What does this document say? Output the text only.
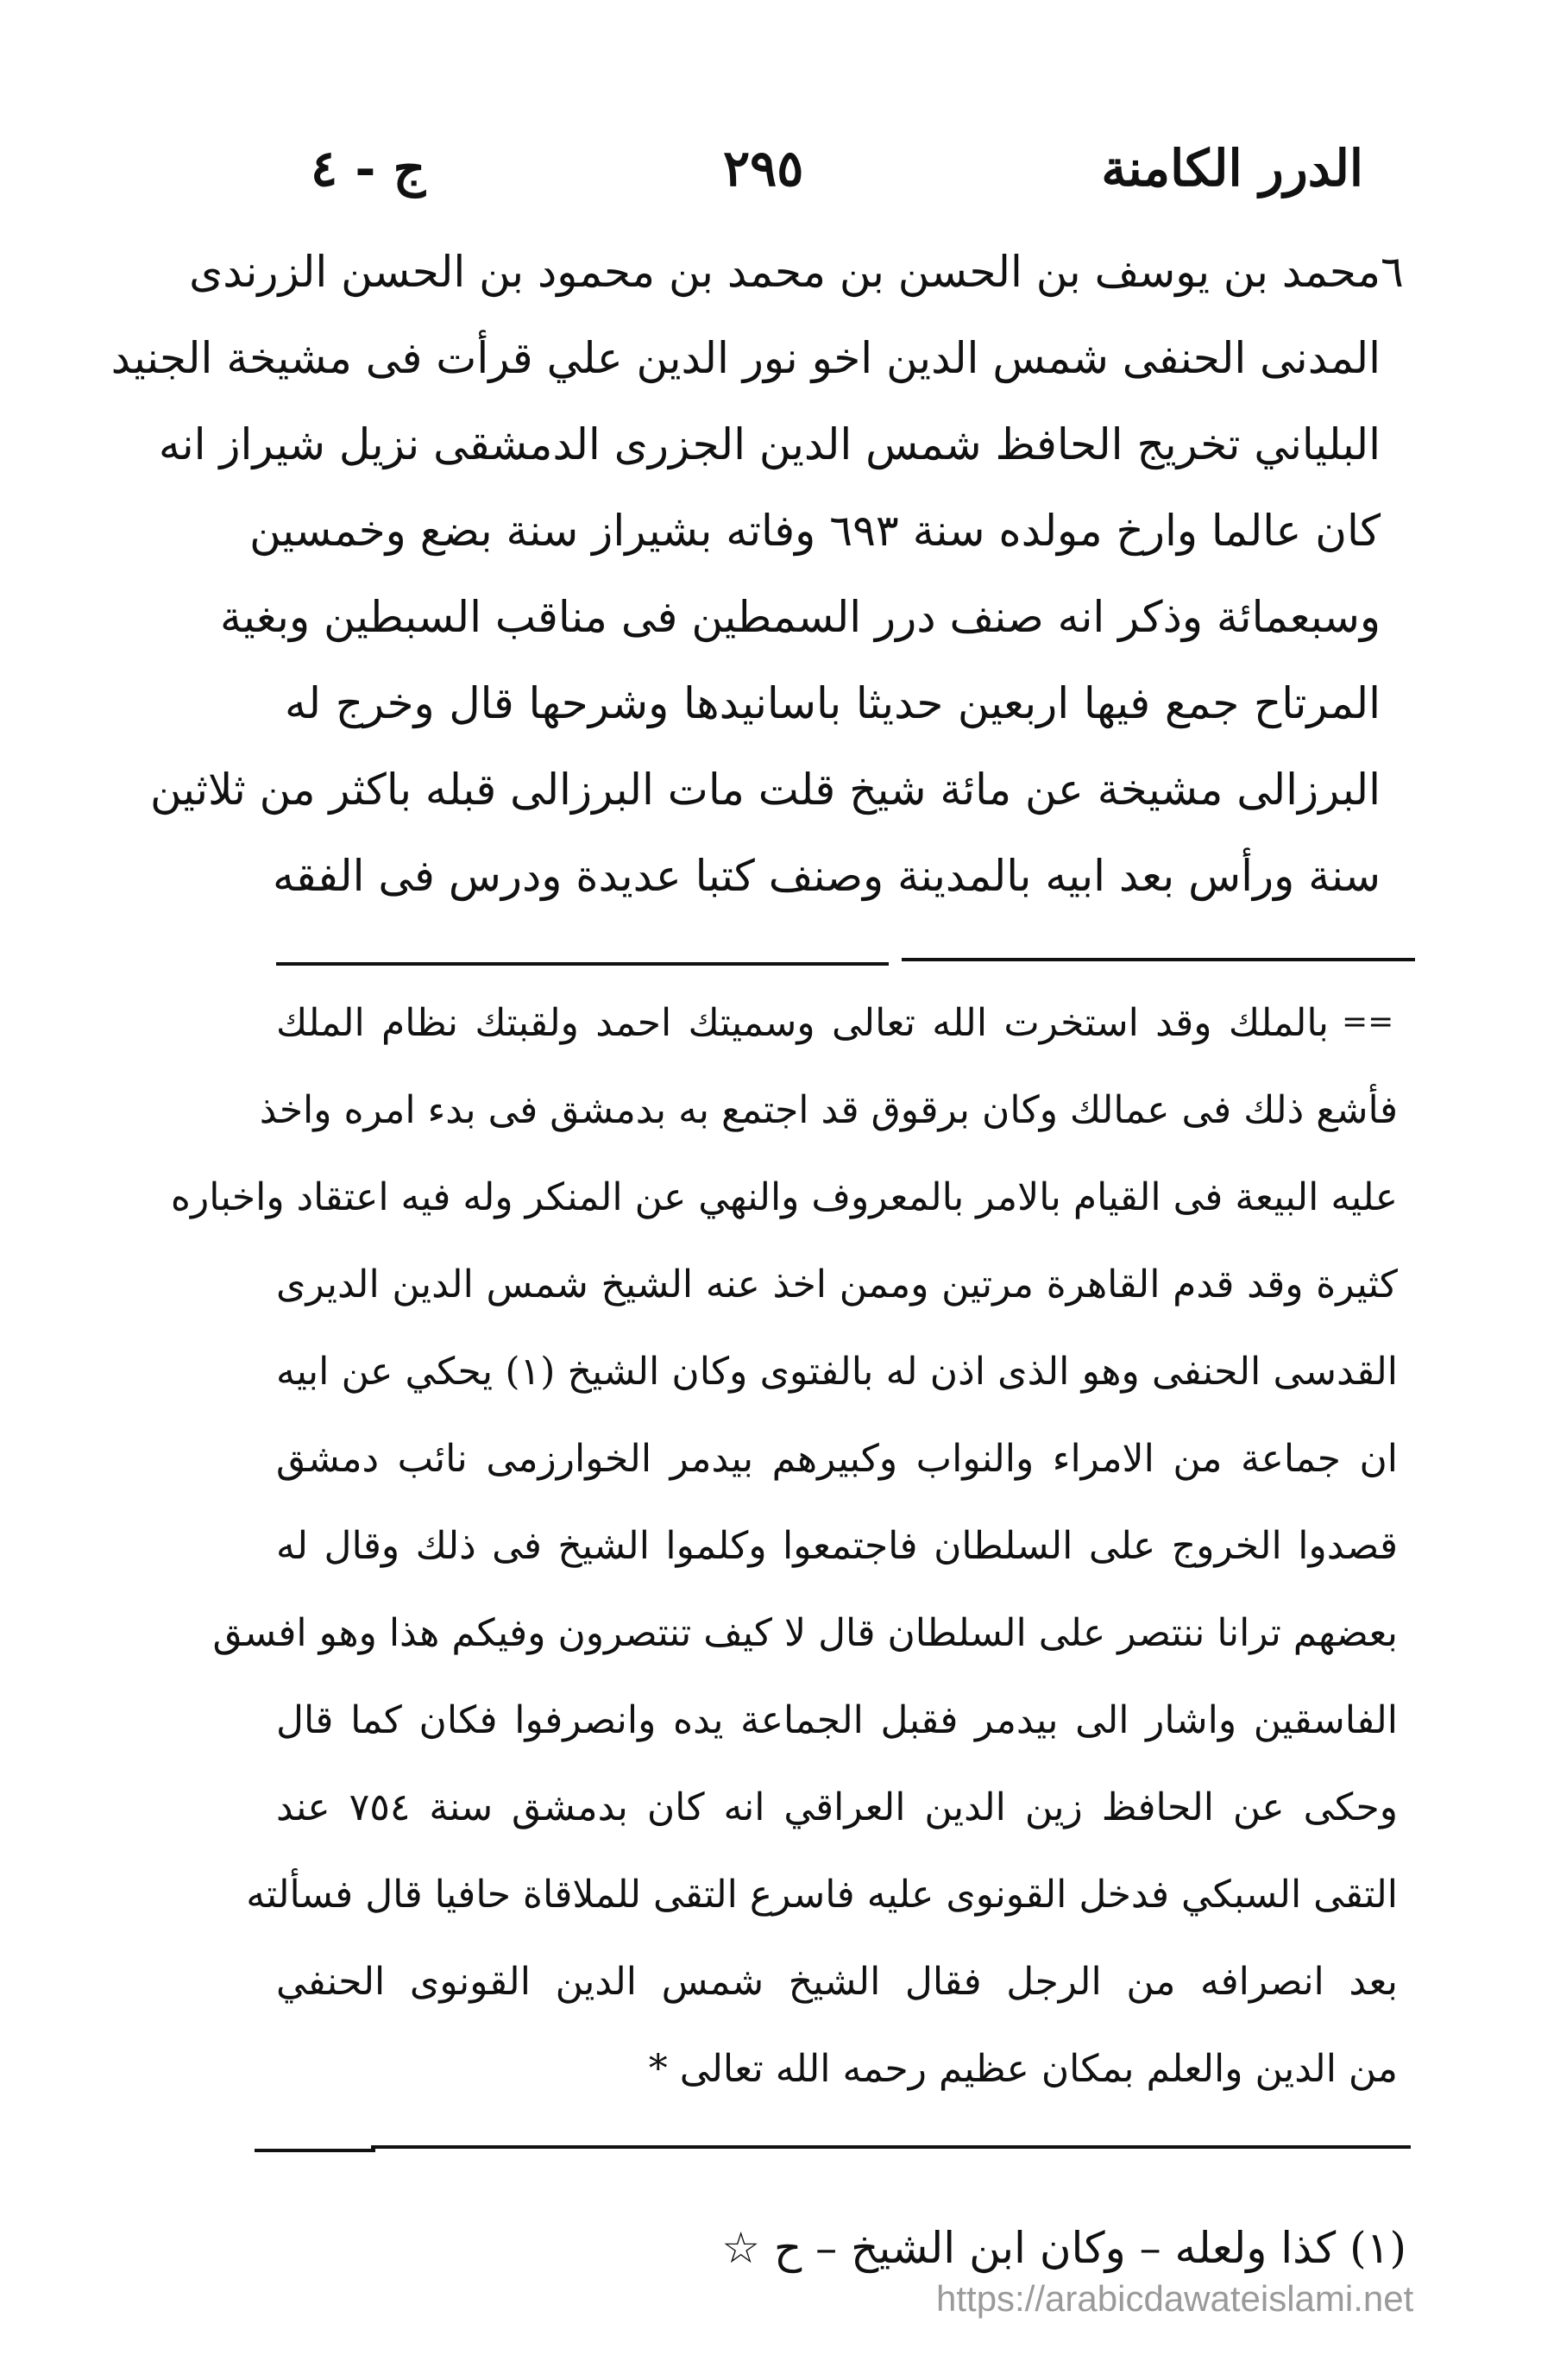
الدرر الكامنة
٢٩٥
ج - ٤
٦
محمد بن يوسف بن الحسن بن محمد بن محمود بن الحسن الزرندى
المدنى الحنفى شمس الدين اخو نور الدين علي قرأت فى مشيخة الجنيد
البلياني تخريج الحافظ شمس الدين الجزرى الدمشقى نزيل شيراز انه
كان عالما وارخ مولده سنة ٦٩٣ وفاته بشيراز سنة بضع وخمسين
وسبعمائة وذكر انه صنف درر السمطين فى مناقب السبطين وبغية
المرتاح جمع فيها اربعين حديثا باسانيدها وشرحها قال وخرج له
البرزالى مشيخة عن مائة شيخ قلت مات البرزالى قبله باكثر من ثلاثين
سنة ورأس بعد ابيه بالمدينة وصنف كتبا عديدة ودرس فى الفقه
==
بالملك وقد استخرت الله تعالى وسميتك احمد ولقبتك نظام الملك
فأشع ذلك فى عمالك وكان برقوق قد اجتمع به بدمشق فى بدء امره واخذ
عليه البيعة فى القيام بالامر بالمعروف والنهي عن المنكر وله فيه اعتقاد واخباره
كثيرة وقد قدم القاهرة مرتين وممن اخذ عنه الشيخ شمس الدين الديرى
القدسى الحنفى وهو الذى اذن له بالفتوى وكان الشيخ (١) يحكي عن ابيه
ان جماعة من الامراء والنواب وكبيرهم بيدمر الخوارزمى نائب دمشق
قصدوا الخروج على السلطان فاجتمعوا وكلموا الشيخ فى ذلك وقال له
بعضهم ترانا ننتصر على السلطان قال لا كيف تنتصرون وفيكم هذا وهو افسق
الفاسقين واشار الى بيدمر فقبل الجماعة يده وانصرفوا فكان كما قال
وحكى عن الحافظ زين الدين العراقي انه كان بدمشق سنة ٧٥٤ عند
التقى السبكي فدخل القونوى عليه فاسرع التقى للملاقاة حافيا قال فسألته
بعد انصرافه من الرجل فقال الشيخ شمس الدين القونوى الحنفي
من الدين والعلم بمكان عظيم رحمه الله تعالى *
(١) كذا ولعله – وكان ابن الشيخ – ح ☆
https://arabicdawateislami.net
